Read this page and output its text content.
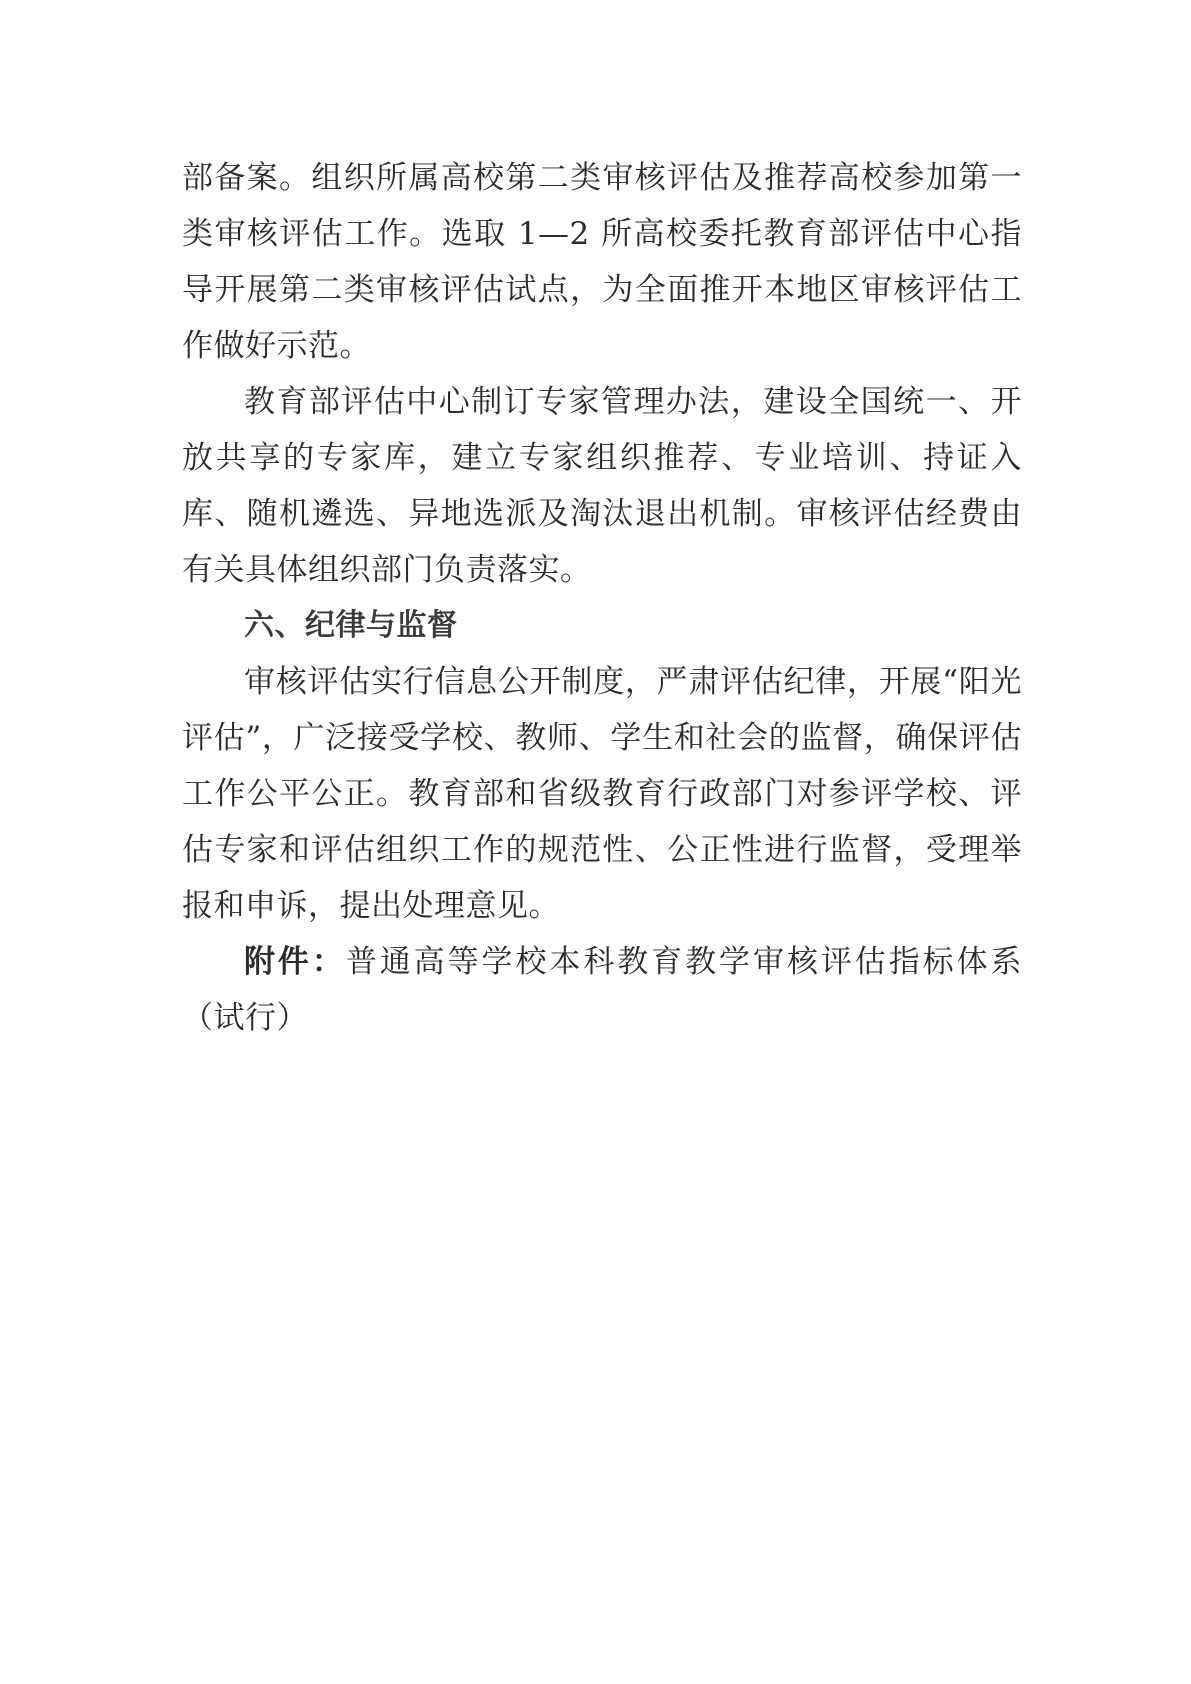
部备案。组织所属高校第二类审核评估及推荐高校参加第一类审核评估工作。选取 1—2 所高校委托教育部评估中心指导开展第二类审核评估试点，为全面推开本地区审核评估工作做好示范。

教育部评估中心制订专家管理办法，建设全国统一、开放共享的专家库，建立专家组织推荐、专业培训、持证入库、随机遴选、异地选派及淘汰退出机制。审核评估经费由有关具体组织部门负责落实。

六、纪律与监督

审核评估实行信息公开制度，严肃评估纪律，开展“阳光评估”，广泛接受学校、教师、学生和社会的监督，确保评估工作公平公正。教育部和省级教育行政部门对参评学校、评估专家和评估组织工作的规范性、公正性进行监督，受理举报和申诉，提出处理意见。

附件：普通高等学校本科教育教学审核评估指标体系（试行）
